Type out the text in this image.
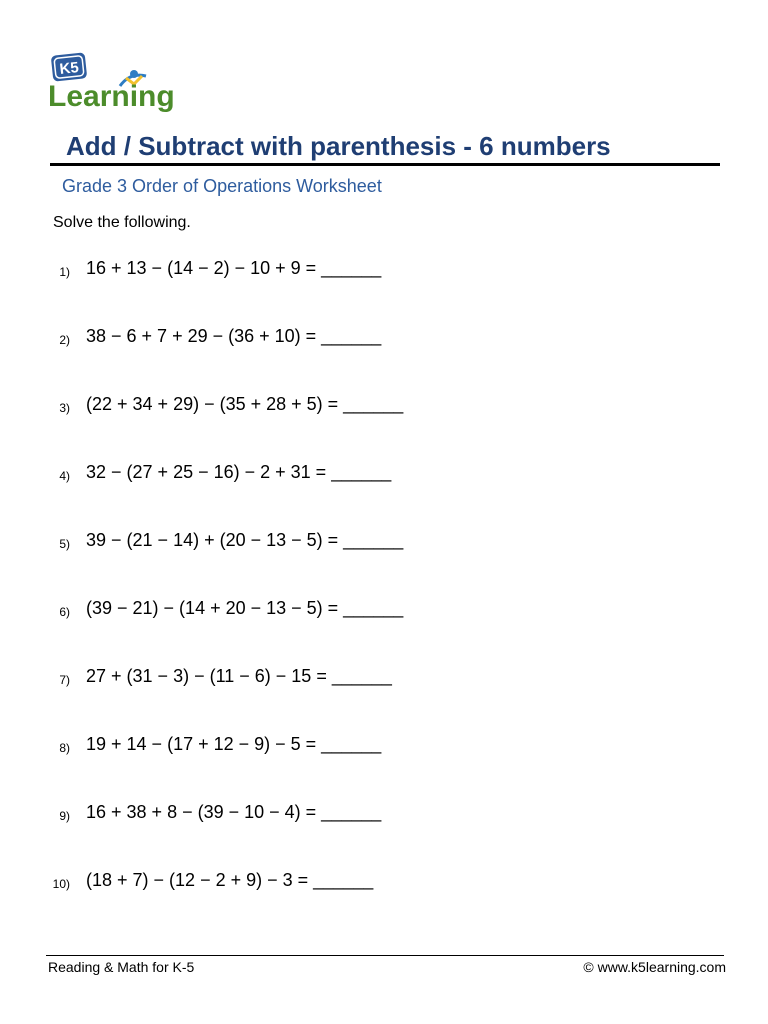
K5
Learning
Add / Subtract with parenthesis - 6 numbers
Grade 3 Order of Operations Worksheet
Solve the following.
1) 16 + 13 − (14 − 2) − 10 + 9 = ______
2) 38 − 6 + 7 + 29 − (36 + 10) = ______
3) (22 + 34 + 29) − (35 + 28 + 5) = ______
4) 32 − (27 + 25 − 16) − 2 + 31 = ______
5) 39 − (21 − 14) + (20 − 13 − 5) = ______
6) (39 − 21) − (14 + 20 − 13 − 5) = ______
7) 27 + (31 − 3) − (11 − 6) − 15 = ______
8) 19 + 14 − (17 + 12 − 9) − 5 = ______
9) 16 + 38 + 8 − (39 − 10 − 4) = ______
10) (18 + 7) − (12 − 2 + 9) − 3 = ______
Reading & Math for K-5	© www.k5learning.com
